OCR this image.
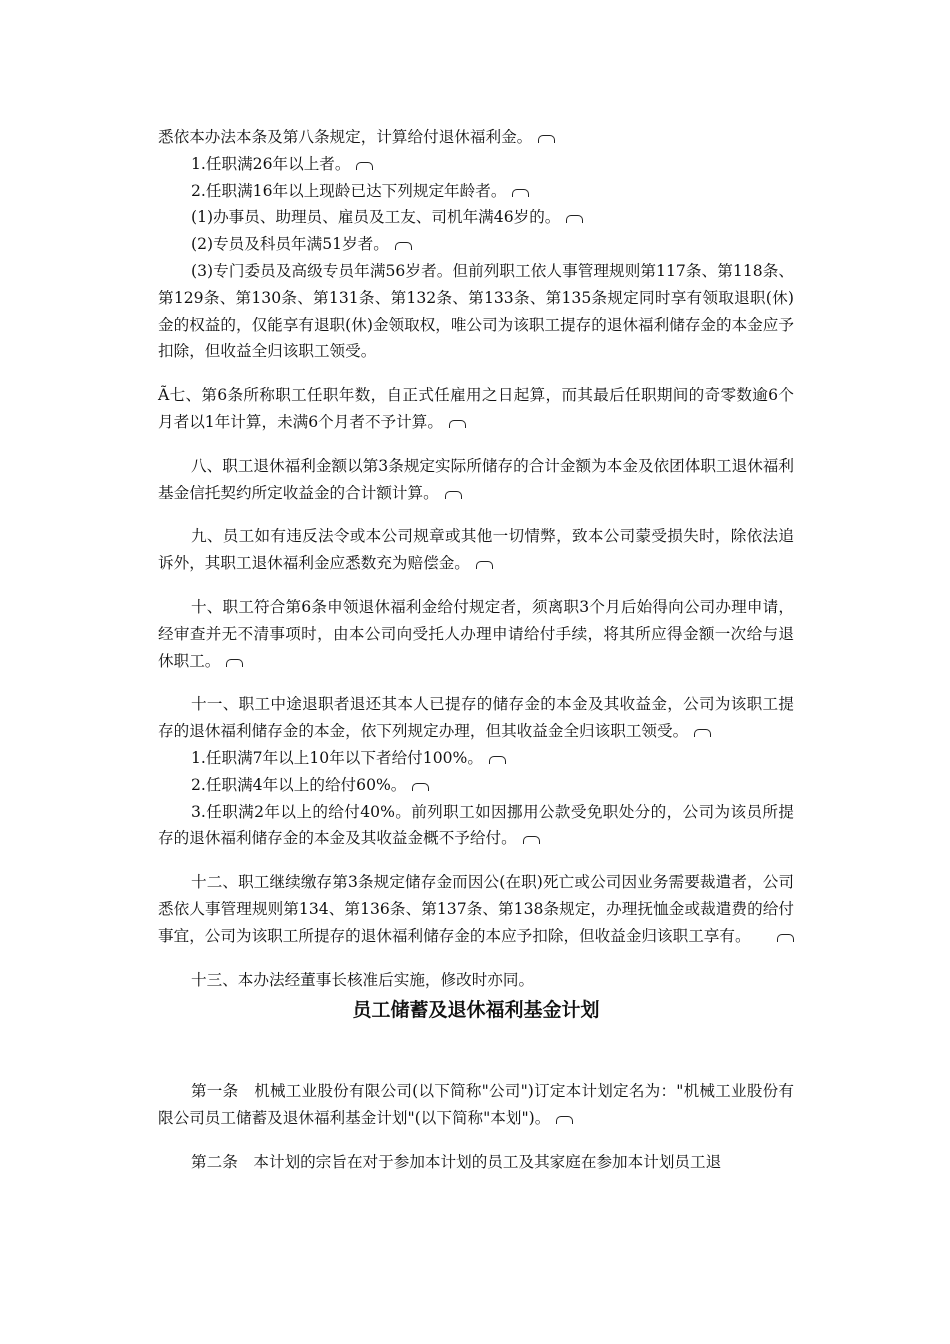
悉依本办法本条及第八条规定，计算给付退休福利金。

1.任职满26年以上者。

2.任职满16年以上现龄已达下列规定年龄者。

(1)办事员、助理员、雇员及工友、司机年满46岁的。

(2)专员及科员年满51岁者。

(3)专门委员及高级专员年满56岁者。但前列职工依人事管理规则第117条、第118条、第129条、第130条、第131条、第132条、第133条、第135条规定同时享有领取退职(休)金的权益的，仅能享有退职(休)金领取权，唯公司为该职工提存的退休福利储存金的本金应予扣除，但收益全归该职工领受。

Ã七、第6条所称职工任职年数，自正式任雇用之日起算，而其最后任职期间的奇零数逾6个月者以1年计算，未满6个月者不予计算。

八、职工退休福利金额以第3条规定实际所储存的合计金额为本金及依团体职工退休福利基金信托契约所定收益金的合计额计算。

九、员工如有违反法令或本公司规章或其他一切情弊，致本公司蒙受损失时，除依法追诉外，其职工退休福利金应悉数充为赔偿金。

十、职工符合第6条申领退休福利金给付规定者，须离职3个月后始得向公司办理申请，经审查并无不清事项时，由本公司向受托人办理申请给付手续，将其所应得金额一次给与退休职工。

十一、职工中途退职者退还其本人已提存的储存金的本金及其收益金，公司为该职工提存的退休福利储存金的本金，依下列规定办理，但其收益金全归该职工领受。

1.任职满7年以上10年以下者给付100%。

2.任职满4年以上的给付60%。

3.任职满2年以上的给付40%。前列职工如因挪用公款受免职处分的，公司为该员所提存的退休福利储存金的本金及其收益金概不予给付。

十二、职工继续缴存第3条规定储存金而因公(在职)死亡或公司因业务需要裁遣者，公司悉依人事管理规则第134、第136条、第137条、第138条规定，办理抚恤金或裁遣费的给付事宜，公司为该职工所提存的退休福利储存金的本应予扣除，但收益金归该职工享有。

十三、本办法经董事长核准后实施，修改时亦同。

员工储蓄及退休福利基金计划

第一条　机械工业股份有限公司(以下简称"公司")订定本计划定名为："机械工业股份有限公司员工储蓄及退休福利基金计划"(以下简称"本划")。

第二条　本计划的宗旨在对于参加本计划的员工及其家庭在参加本计划员工退
